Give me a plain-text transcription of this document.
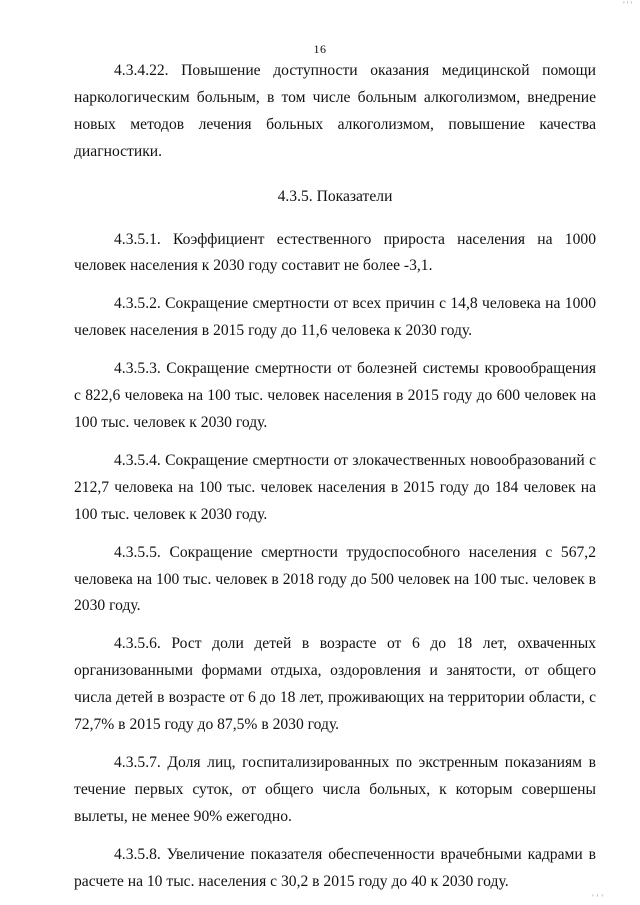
'''
16

4.3.4.22. Повышение доступности оказания медицинской помощи наркологическим больным, в том числе больным алкоголизмом, внедрение новых методов лечения больных алкоголизмом, повышение качества диагностики.

4.3.5. Показатели

4.3.5.1. Коэффициент естественного прироста населения на 1000 человек населения к 2030 году составит не более -3,1.

4.3.5.2. Сокращение смертности от всех причин с 14,8 человека на 1000 человек населения в 2015 году до 11,6 человека к 2030 году.

4.3.5.3. Сокращение смертности от болезней системы кровообращения с 822,6 человека на 100 тыс. человек населения в 2015 году до 600 человек на 100 тыс. человек к 2030 году.

4.3.5.4. Сокращение смертности от злокачественных новообразований с 212,7 человека на 100 тыс. человек населения в 2015 году до 184 человек на 100 тыс. человек к 2030 году.

4.3.5.5. Сокращение смертности трудоспособного населения с 567,2 человека на 100 тыс. человек в 2018 году до 500 человек на 100 тыс. человек в 2030 году.

4.3.5.6. Рост доли детей в возрасте от 6 до 18 лет, охваченных организованными формами отдыха, оздоровления и занятости, от общего числа детей в возрасте от 6 до 18 лет, проживающих на территории области, с 72,7% в 2015 году до 87,5% в 2030 году.

4.3.5.7. Доля лиц, госпитализированных по экстренным показаниям в течение первых суток, от общего числа больных, к которым совершены вылеты, не менее 90% ежегодно.

4.3.5.8. Увеличение показателя обеспеченности врачебными кадрами в расчете на 10 тыс. населения с 30,2 в 2015 году до 40 к 2030 году.

'''
